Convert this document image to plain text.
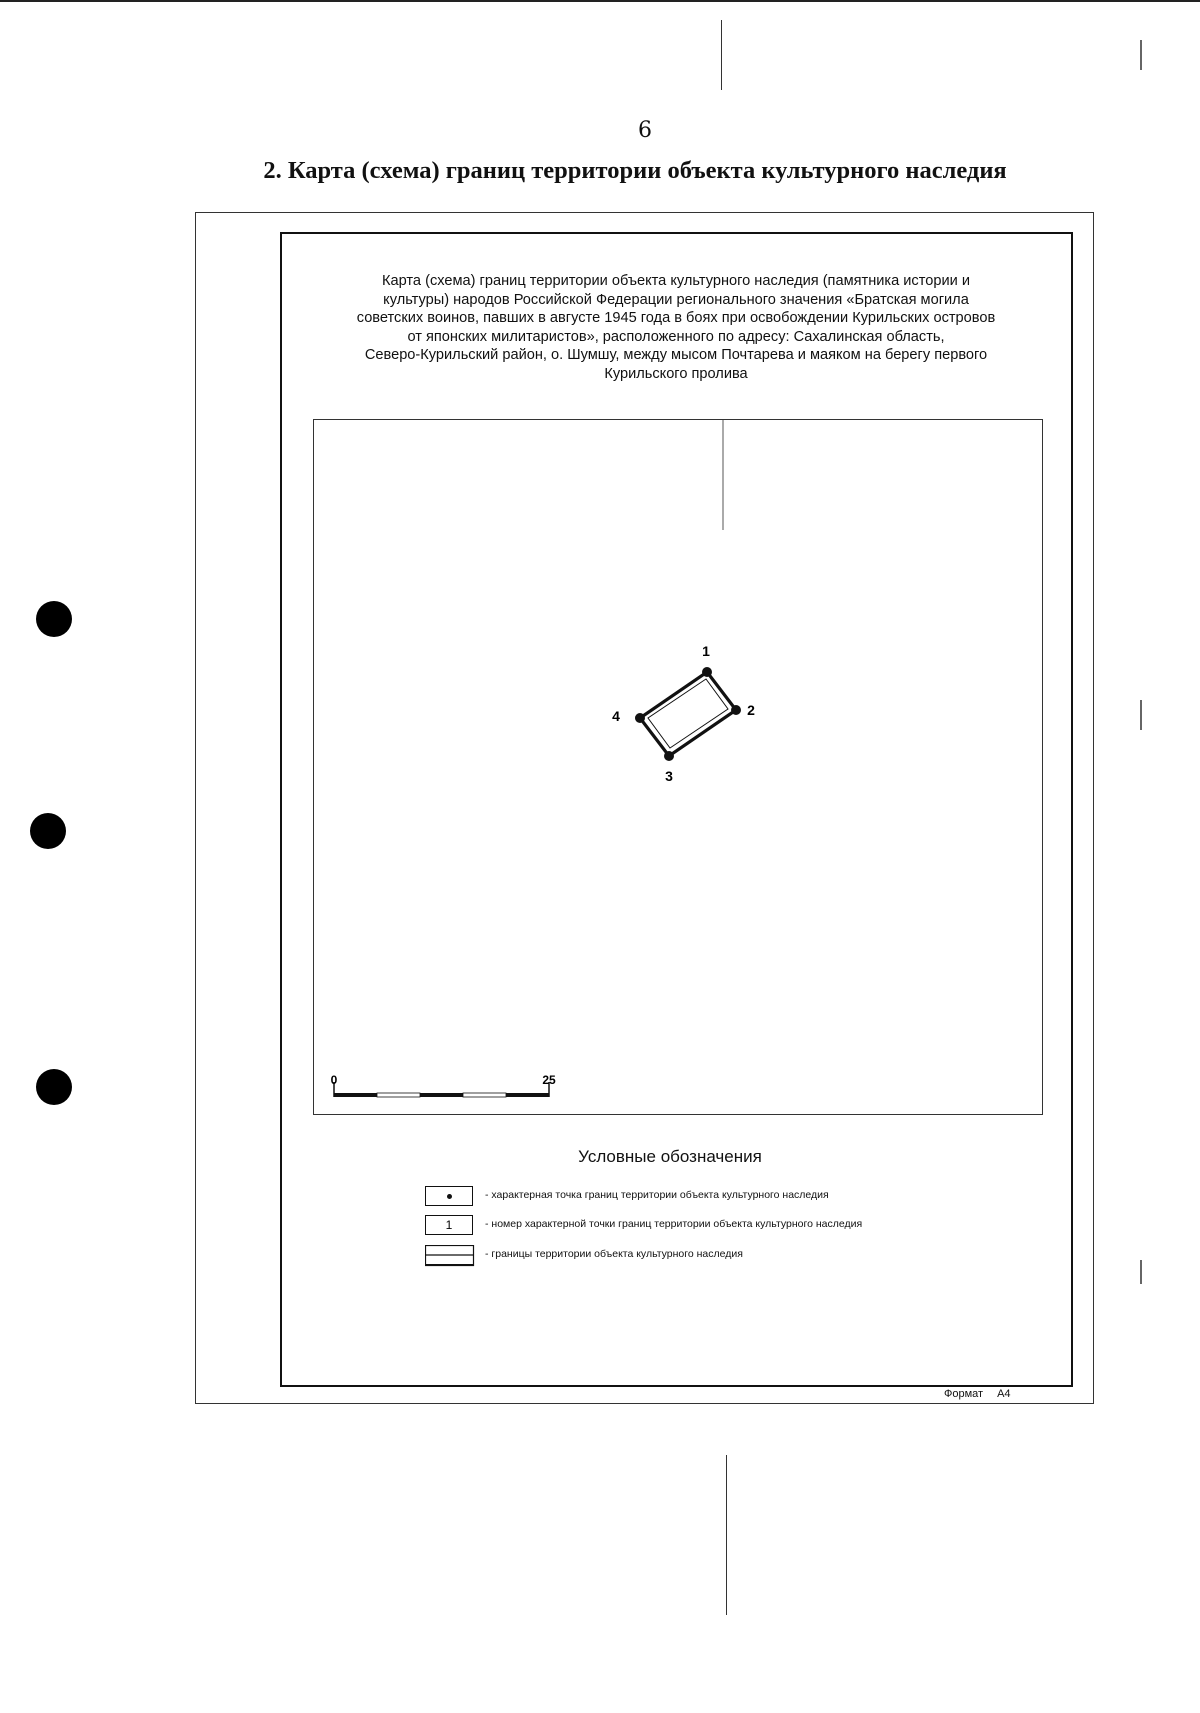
6
2. Карта (схема) границ территории объекта культурного наследия
Карта (схема) границ территории объекта культурного наследия (памятника истории и
культуры) народов Российской Федерации регионального значения «Братская могила
советских воинов, павших в августе 1945 года в боях при освобождении Курильских островов
от японских милитаристов», расположенного по адресу: Сахалинская область,
Северо-Курильский район, о. Шумшу, между мысом Почтарева и маяком на берегу первого
Курильского пролива
1
2
3
4
0	25
Условные обозначения
- характерная точка границ территории объекта культурного наследия
1	- номер характерной точки границ территории объекта культурного наследия
- границы территории объекта культурного наследия
Формат А4
